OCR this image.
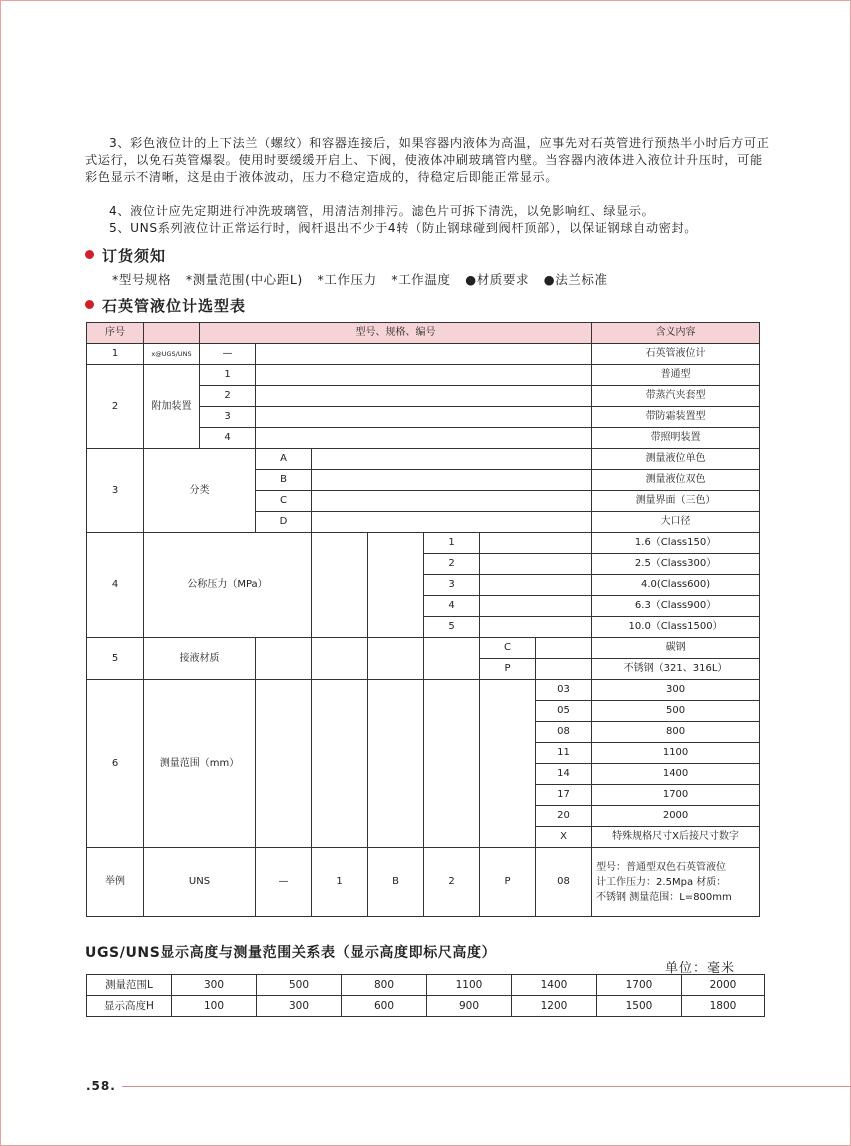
3、彩色液位计的上下法兰（螺纹）和容器连接后，如果容器内液体为高温，应事先对石英管进行预热半小时后方可正式运行，以免石英管爆裂。使用时要缓缓开启上、下阀，使液体冲刷玻璃管内壁。当容器内液体进入液位计升压时，可能彩色显示不清晰，这是由于液体波动，压力不稳定造成的，待稳定后即能正常显示。
4、液位计应先定期进行冲洗玻璃管，用清洁剂排污。滤色片可拆下清洗，以免影响红、绿显示。
5、UNS系列液位计正常运行时，阀杆退出不少于4转（防止钢球碰到阀杆顶部），以保证钢球自动密封。
订货须知
*型号规格 *测量范围(中心距L) *工作压力 *工作温度 ●材质要求 ●法兰标准
石英管液位计选型表
序号		型号、规格、编号							含义内容
1	x@UGS/UNS	—							石英管液位计
2	附加装置	1							普通型
		2							带蒸汽夹套型
		3							带防霜装置型
		4							带照明装置
3	分类		A						测量液位单色
			B						测量液位双色
			C						测量界面（三色）
			D						大口径
4	公称压力（MPa）					1			1.6（Class150）
						2			2.5（Class300）
						3			4.0(Class600)
						4			6.3（Class900）
						5			10.0（Class1500）
5	接液材质						C		碳钢
							P		不锈钢（321、316L）
6	测量范围（mm）							03	300
								05	500
								08	800
								11	1100
								14	1400
								17	1700
								20	2000
								X	特殊规格尺寸X后接尺寸数字
举例	UNS		—	1	B	2	P	08	型号：普通型双色石英管液位
计工作压力：2.5Mpa 材质：
不锈钢 测量范围：L=800mm
UGS/UNS显示高度与测量范围关系表（显示高度即标尺高度）
单位：毫米
测量范围L	300	500	800	1100	1400	1700	2000
显示高度H	100	300	600	900	1200	1500	1800
.58.
